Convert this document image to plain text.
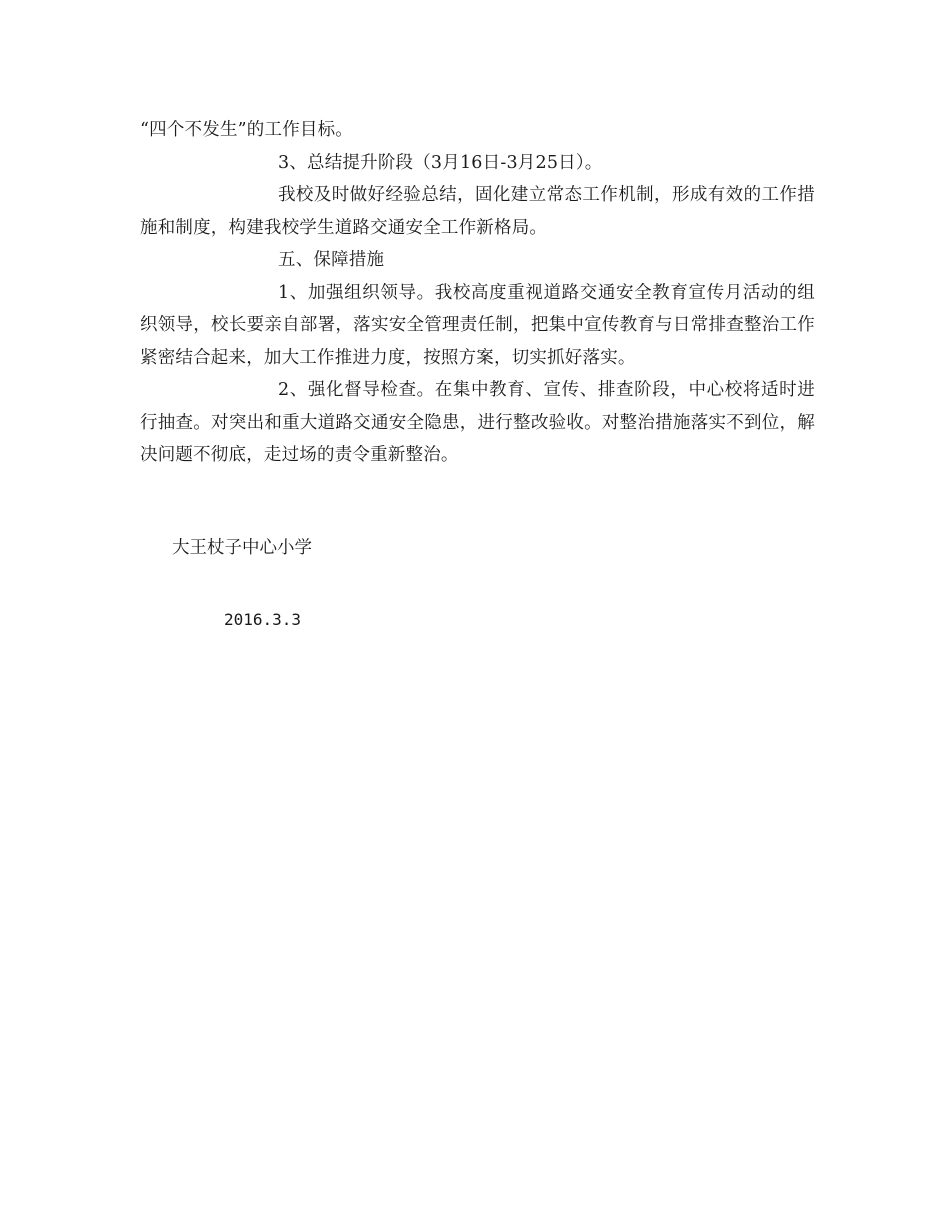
“四个不发生”的工作目标。

3、总结提升阶段（3月16日-3月25日）。

我校及时做好经验总结，固化建立常态工作机制，形成有效的工作措施和制度，构建我校学生道路交通安全工作新格局。

五、保障措施

1、加强组织领导。我校高度重视道路交通安全教育宣传月活动的组织领导，校长要亲自部署，落实安全管理责任制，把集中宣传教育与日常排查整治工作紧密结合起来，加大工作推进力度，按照方案，切实抓好落实。

2、强化督导检查。在集中教育、宣传、排查阶段，中心校将适时进行抽查。对突出和重大道路交通安全隐患，进行整改验收。对整治措施落实不到位，解决问题不彻底，走过场的责令重新整治。

大王杖子中心小学
2016.3.3
